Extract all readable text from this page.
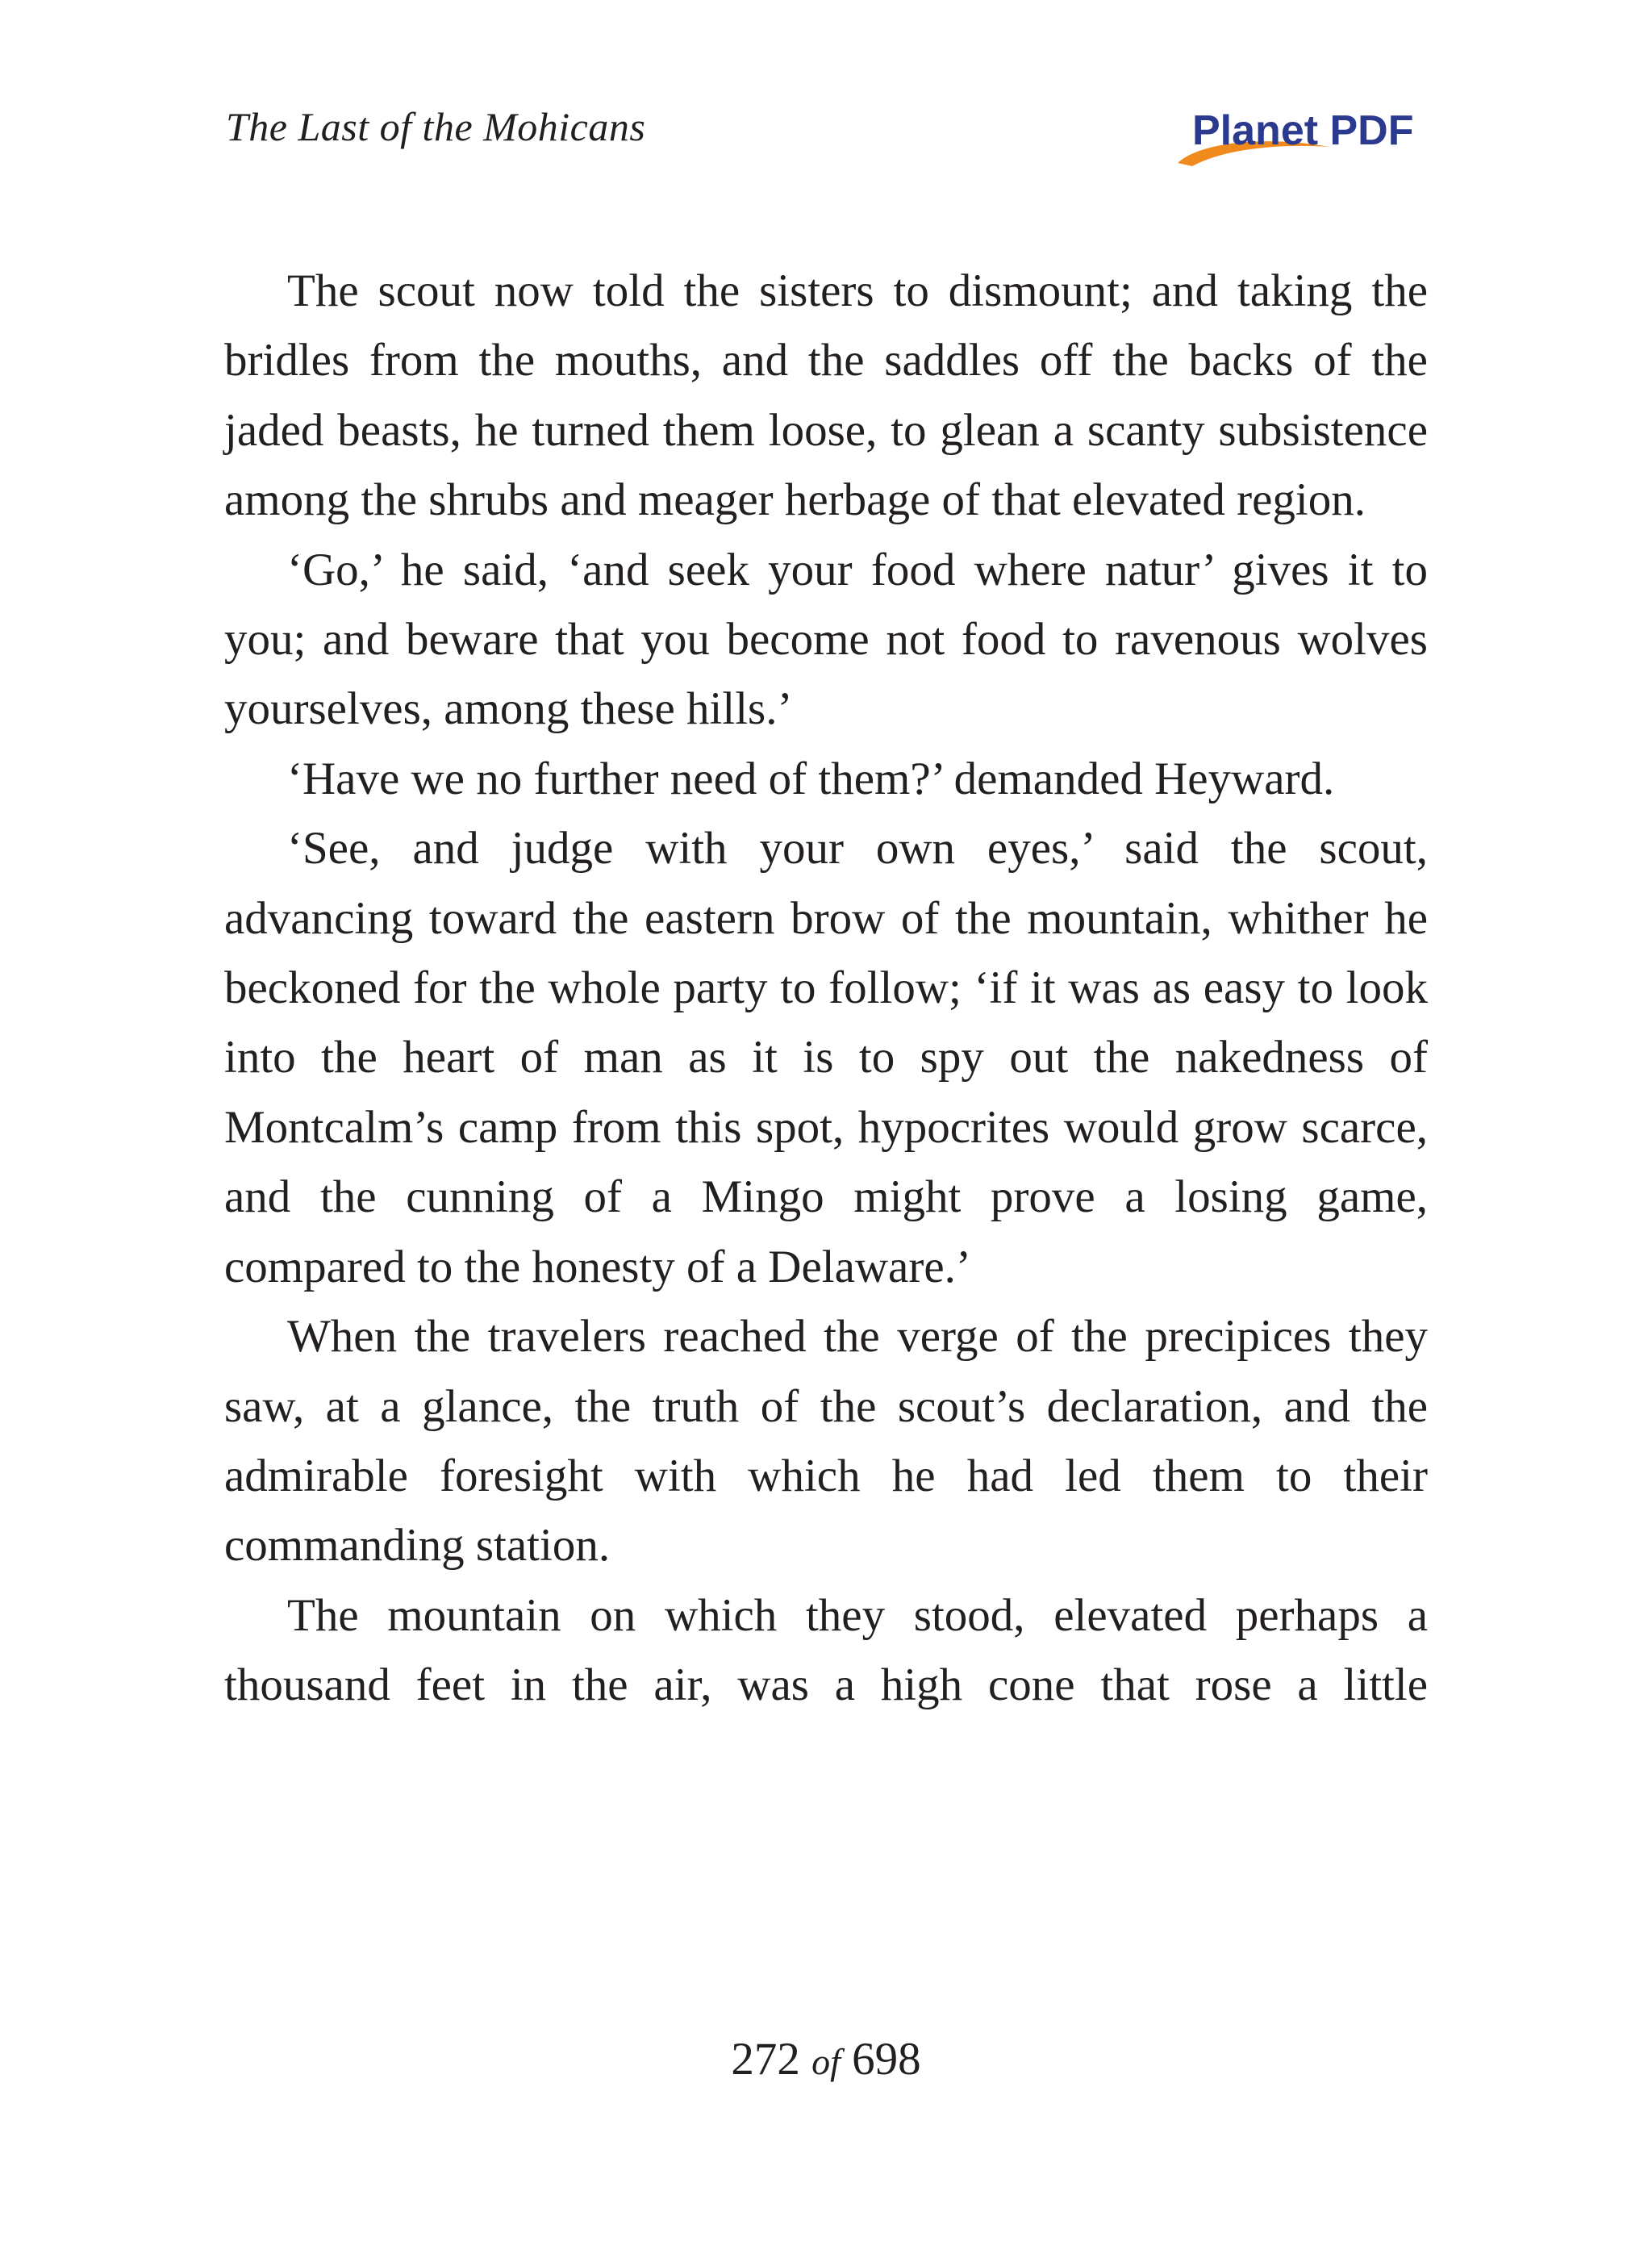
The Last of the Mohicans	Planet PDF

The scout now told the sisters to dismount; and taking the bridles from the mouths, and the saddles off the backs of the jaded beasts, he turned them loose, to glean a scanty subsistence among the shrubs and meager herbage of that elevated region.

‘Go,’ he said, ‘and seek your food where natur’ gives it to you; and beware that you become not food to ravenous wolves yourselves, among these hills.’

‘Have we no further need of them?’ demanded Heyward.

‘See, and judge with your own eyes,’ said the scout, advancing toward the eastern brow of the mountain, whither he beckoned for the whole party to follow; ‘if it was as easy to look into the heart of man as it is to spy out the nakedness of Montcalm’s camp from this spot, hypocrites would grow scarce, and the cunning of a Mingo might prove a losing game, compared to the honesty of a Delaware.’

When the travelers reached the verge of the precipices they saw, at a glance, the truth of the scout’s declaration, and the admirable foresight with which he had led them to their commanding station.

The mountain on which they stood, elevated perhaps a thousand feet in the air, was a high cone that rose a little

272 of 698
